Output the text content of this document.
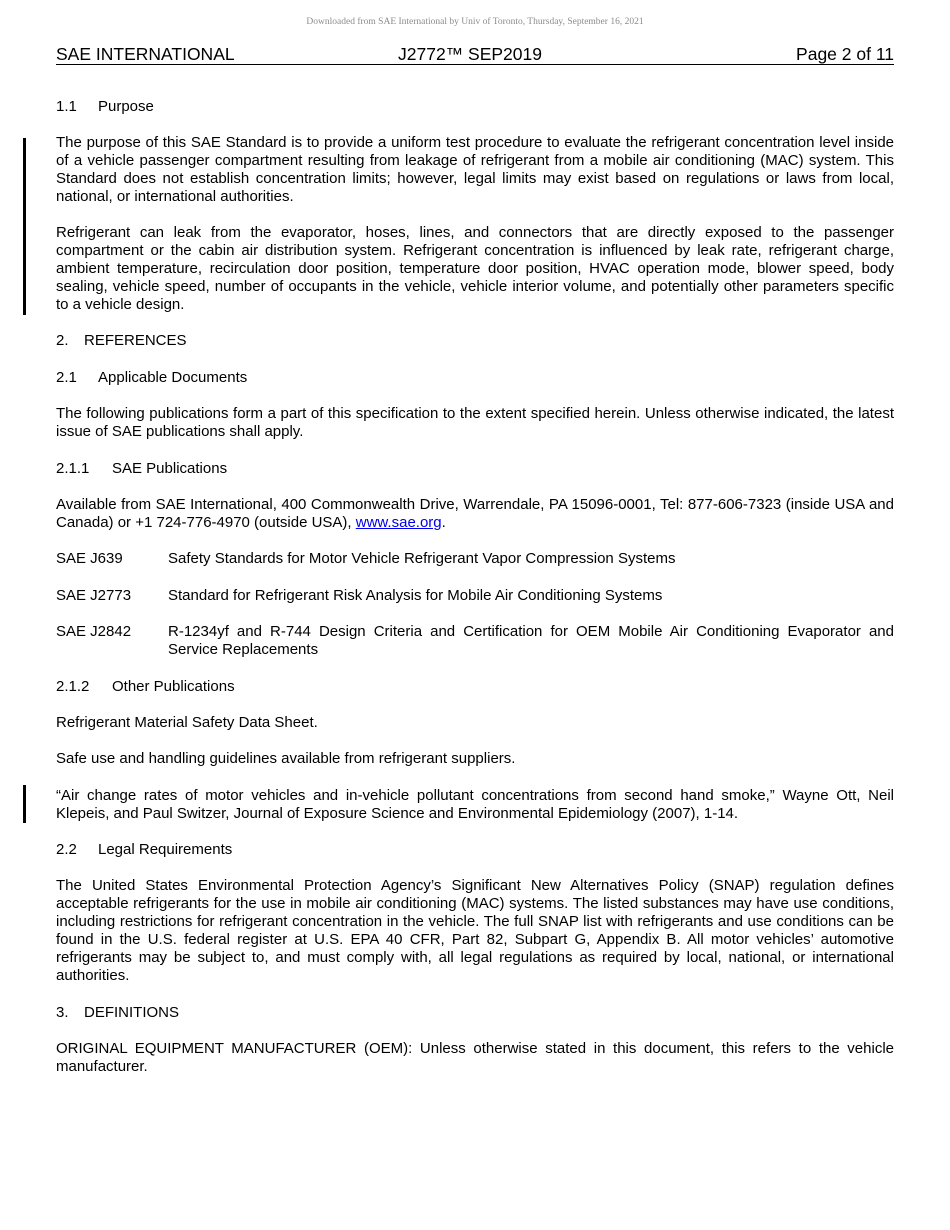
Downloaded from SAE International by Univ of Toronto, Thursday, September 16, 2021
SAE INTERNATIONAL	J2772™ SEP2019	Page 2 of 11
1.1 Purpose
The purpose of this SAE Standard is to provide a uniform test procedure to evaluate the refrigerant concentration level inside of a vehicle passenger compartment resulting from leakage of refrigerant from a mobile air conditioning (MAC) system. This Standard does not establish concentration limits; however, legal limits may exist based on regulations or laws from local, national, or international authorities.
Refrigerant can leak from the evaporator, hoses, lines, and connectors that are directly exposed to the passenger compartment or the cabin air distribution system. Refrigerant concentration is influenced by leak rate, refrigerant charge, ambient temperature, recirculation door position, temperature door position, HVAC operation mode, blower speed, body sealing, vehicle speed, number of occupants in the vehicle, vehicle interior volume, and potentially other parameters specific to a vehicle design.
2. REFERENCES
2.1 Applicable Documents
The following publications form a part of this specification to the extent specified herein. Unless otherwise indicated, the latest issue of SAE publications shall apply.
2.1.1 SAE Publications
Available from SAE International, 400 Commonwealth Drive, Warrendale, PA 15096-0001, Tel: 877-606-7323 (inside USA and Canada) or +1 724-776-4970 (outside USA), www.sae.org.
SAE J639	Safety Standards for Motor Vehicle Refrigerant Vapor Compression Systems
SAE J2773 Standard for Refrigerant Risk Analysis for Mobile Air Conditioning Systems
SAE J2842 R-1234yf and R-744 Design Criteria and Certification for OEM Mobile Air Conditioning Evaporator and Service Replacements
2.1.2 Other Publications
Refrigerant Material Safety Data Sheet.
Safe use and handling guidelines available from refrigerant suppliers.
“Air change rates of motor vehicles and in-vehicle pollutant concentrations from second hand smoke,” Wayne Ott, Neil Klepeis, and Paul Switzer, Journal of Exposure Science and Environmental Epidemiology (2007), 1-14.
2.2 Legal Requirements
The United States Environmental Protection Agency’s Significant New Alternatives Policy (SNAP) regulation defines acceptable refrigerants for the use in mobile air conditioning (MAC) systems. The listed substances may have use conditions, including restrictions for refrigerant concentration in the vehicle. The full SNAP list with refrigerants and use conditions can be found in the U.S. federal register at U.S. EPA 40 CFR, Part 82, Subpart G, Appendix B. All motor vehicles’ automotive refrigerants may be subject to, and must comply with, all legal regulations as required by local, national, or international authorities.
3. DEFINITIONS
ORIGINAL EQUIPMENT MANUFACTURER (OEM): Unless otherwise stated in this document, this refers to the vehicle manufacturer.
